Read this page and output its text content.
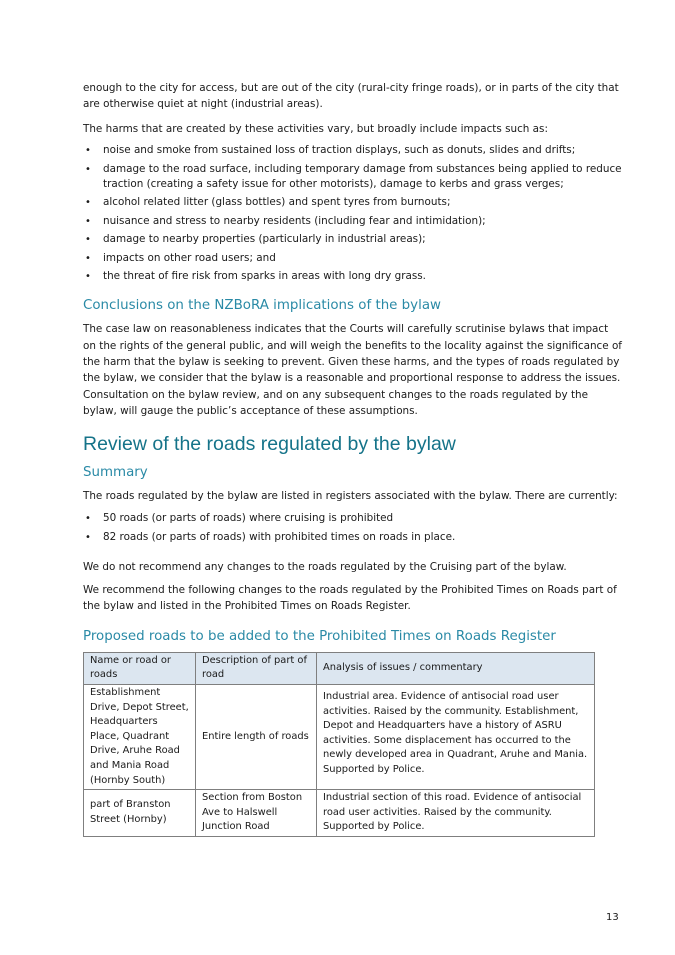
enough to the city for access, but are out of the city (rural-city fringe roads), or in parts of the city that are otherwise quiet at night (industrial areas).

The harms that are created by these activities vary, but broadly include impacts such as:

• noise and smoke from sustained loss of traction displays, such as donuts, slides and drifts;
• damage to the road surface, including temporary damage from substances being applied to reduce traction (creating a safety issue for other motorists), damage to kerbs and grass verges;
• alcohol related litter (glass bottles) and spent tyres from burnouts;
• nuisance and stress to nearby residents (including fear and intimidation);
• damage to nearby properties (particularly in industrial areas);
• impacts on other road users; and
• the threat of fire risk from sparks in areas with long dry grass.
Conclusions on the NZBoRA implications of the bylaw

The case law on reasonableness indicates that the Courts will carefully scrutinise bylaws that impact on the rights of the general public, and will weigh the benefits to the locality against the significance of the harm that the bylaw is seeking to prevent. Given these harms, and the types of roads regulated by the bylaw, we consider that the bylaw is a reasonable and proportional response to address the issues. Consultation on the bylaw review, and on any subsequent changes to the roads regulated by the bylaw, will gauge the public’s acceptance of these assumptions.

Review of the roads regulated by the bylaw
Summary

The roads regulated by the bylaw are listed in registers associated with the bylaw. There are currently:

• 50 roads (or parts of roads) where cruising is prohibited
• 82 roads (or parts of roads) with prohibited times on roads in place.

We do not recommend any changes to the roads regulated by the Cruising part of the bylaw.

We recommend the following changes to the roads regulated by the Prohibited Times on Roads part of the bylaw and listed in the Prohibited Times on Roads Register.

Proposed roads to be added to the Prohibited Times on Roads Register
Name or road or roads	Description of part of road	Analysis of issues / commentary
Establishment Drive, Depot Street, Headquarters Place, Quadrant Drive, Aruhe Road and Mania Road (Hornby South)	Entire length of roads	Industrial area. Evidence of antisocial road user activities. Raised by the community. Establishment, Depot and Headquarters have a history of ASRU activities. Some displacement has occurred to the newly developed area in Quadrant, Aruhe and Mania. Supported by Police.
part of Branston Street (Hornby)	Section from Boston Ave to Halswell Junction Road	Industrial section of this road. Evidence of antisocial road user activities. Raised by the community. Supported by Police.
13
